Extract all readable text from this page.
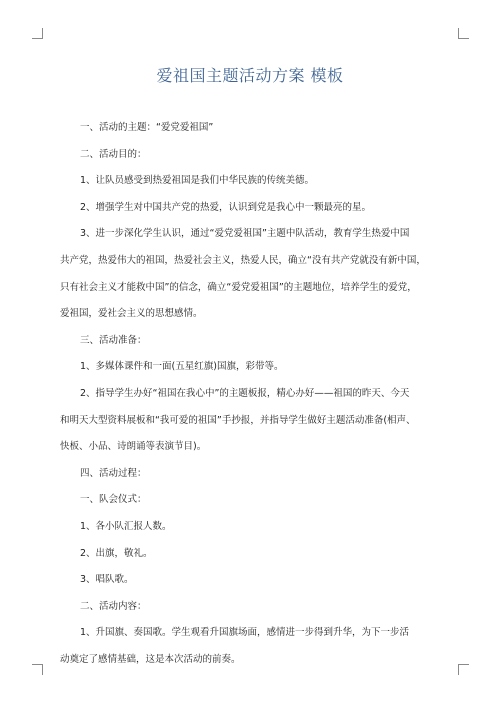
爱祖国主题活动方案 模板

一、活动的主题：“爱党爱祖国”

二、活动目的：

1、让队员感受到热爱祖国是我们中华民族的传统美德。

2、增强学生对中国共产党的热爱，认识到党是我心中一颗最亮的星。

3、进一步深化学生认识，通过“爱党爱祖国”主题中队活动，教育学生热爱中国

共产党，热爱伟大的祖国，热爱社会主义，热爱人民，确立“没有共产党就没有新中国，

只有社会主义才能救中国”的信念，确立“爱党爱祖国”的主题地位，培养学生的爱党，

爱祖国，爱社会主义的思想感情。

三、活动准备：

1、多媒体课件和一面(五星红旗)国旗，彩带等。

2、指导学生办好“祖国在我心中”的主题板报，精心办好——祖国的昨天、今天

和明天大型资料展板和“我可爱的祖国”手抄报，并指导学生做好主题活动准备(相声、

快板、小品、诗朗诵等表演节目)。

四、活动过程：

一、队会仪式：

1、各小队汇报人数。

2、出旗，敬礼。

3、唱队歌。

二、活动内容：

1、升国旗、奏国歌。学生观看升国旗场面，感情进一步得到升华，为下一步活

动奠定了感情基础，这是本次活动的前奏。
